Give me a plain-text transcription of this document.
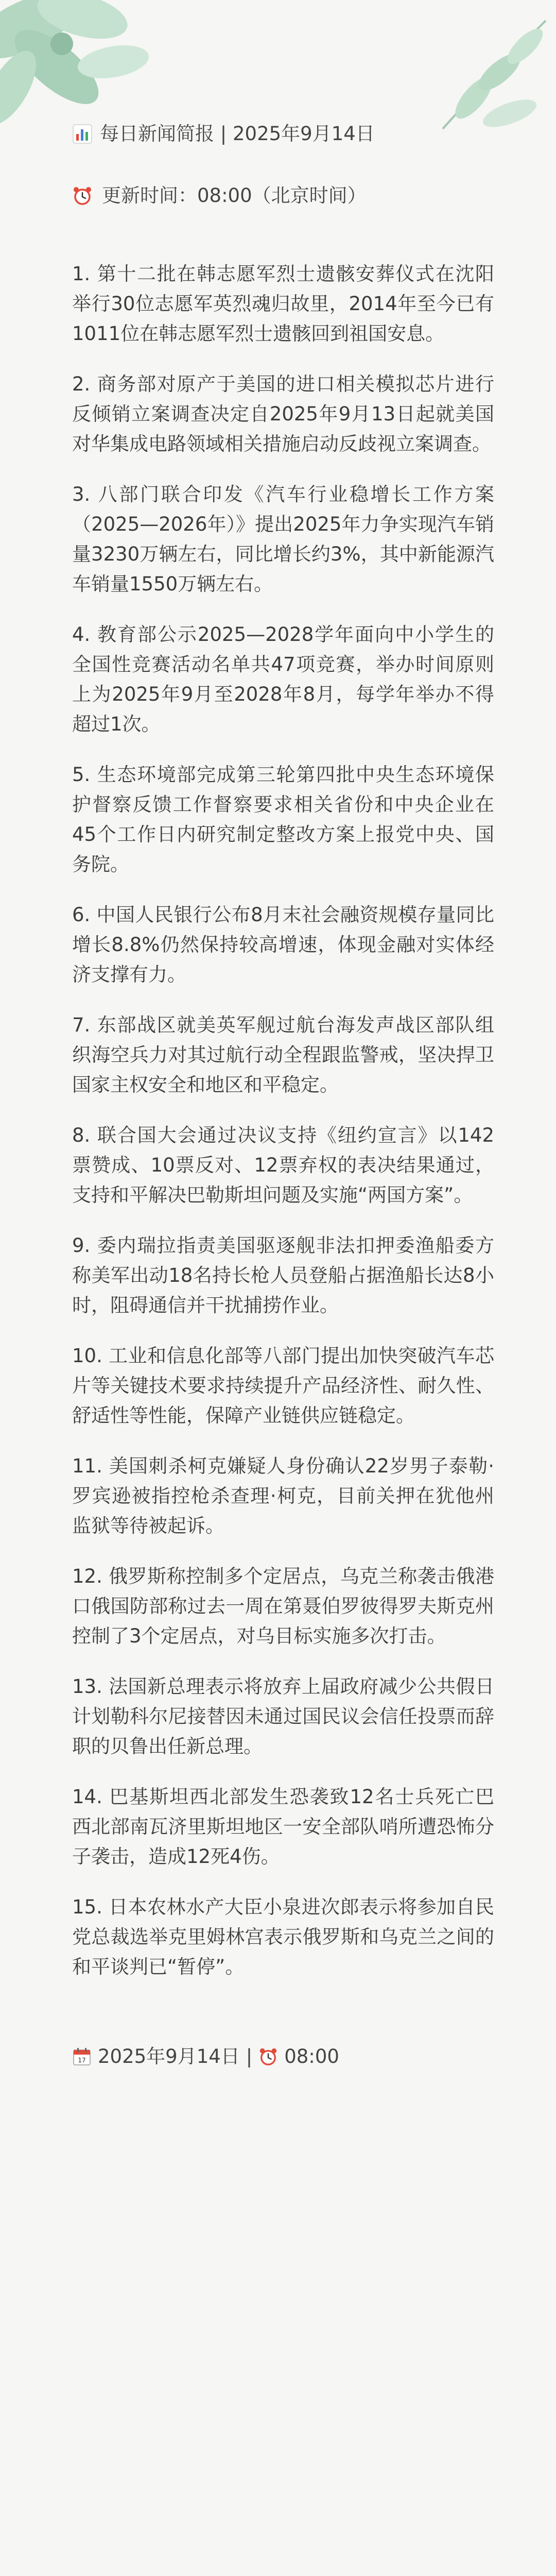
每日新闻简报 | 2025年9月14日
更新时间：08:00（北京时间）

1. 第十二批在韩志愿军烈士遗骸安葬仪式在沈阳举行30位志愿军英烈魂归故里，2014年至今已有1011位在韩志愿军烈士遗骸回到祖国安息。

2. 商务部对原产于美国的进口相关模拟芯片进行反倾销立案调查决定自2025年9月13日起就美国对华集成电路领域相关措施启动反歧视立案调查。

3. 八部门联合印发《汽车行业稳增长工作方案（2025—2026年）》提出2025年力争实现汽车销量3230万辆左右，同比增长约3%，其中新能源汽车销量1550万辆左右。

4. 教育部公示2025—2028学年面向中小学生的全国性竞赛活动名单共47项竞赛，举办时间原则上为2025年9月至2028年8月，每学年举办不得超过1次。

5. 生态环境部完成第三轮第四批中央生态环境保护督察反馈工作督察要求相关省份和中央企业在45个工作日内研究制定整改方案上报党中央、国务院。

6. 中国人民银行公布8月末社会融资规模存量同比增长8.8%仍然保持较高增速，体现金融对实体经济支撑有力。

7. 东部战区就美英军舰过航台海发声战区部队组织海空兵力对其过航行动全程跟监警戒，坚决捍卫国家主权安全和地区和平稳定。

8. 联合国大会通过决议支持《纽约宣言》以142票赞成、10票反对、12票弃权的表决结果通过，支持和平解决巴勒斯坦问题及实施“两国方案”。

9. 委内瑞拉指责美国驱逐舰非法扣押委渔船委方称美军出动18名持长枪人员登船占据渔船长达8小时，阻碍通信并干扰捕捞作业。

10. 工业和信息化部等八部门提出加快突破汽车芯片等关键技术要求持续提升产品经济性、耐久性、舒适性等性能，保障产业链供应链稳定。

11. 美国刺杀柯克嫌疑人身份确认22岁男子泰勒·罗宾逊被指控枪杀查理·柯克，目前关押在犹他州监狱等待被起诉。

12. 俄罗斯称控制多个定居点，乌克兰称袭击俄港口俄国防部称过去一周在第聂伯罗彼得罗夫斯克州控制了3个定居点，对乌目标实施多次打击。

13. 法国新总理表示将放弃上届政府减少公共假日计划勒科尔尼接替因未通过国民议会信任投票而辞职的贝鲁出任新总理。

14. 巴基斯坦西北部发生恐袭致12名士兵死亡巴西北部南瓦济里斯坦地区一安全部队哨所遭恐怖分子袭击，造成12死4伤。

15. 日本农林水产大臣小泉进次郎表示将参加自民党总裁选举克里姆林宫表示俄罗斯和乌克兰之间的和平谈判已“暂停”。

17 2025年9月14日 | 08:00
